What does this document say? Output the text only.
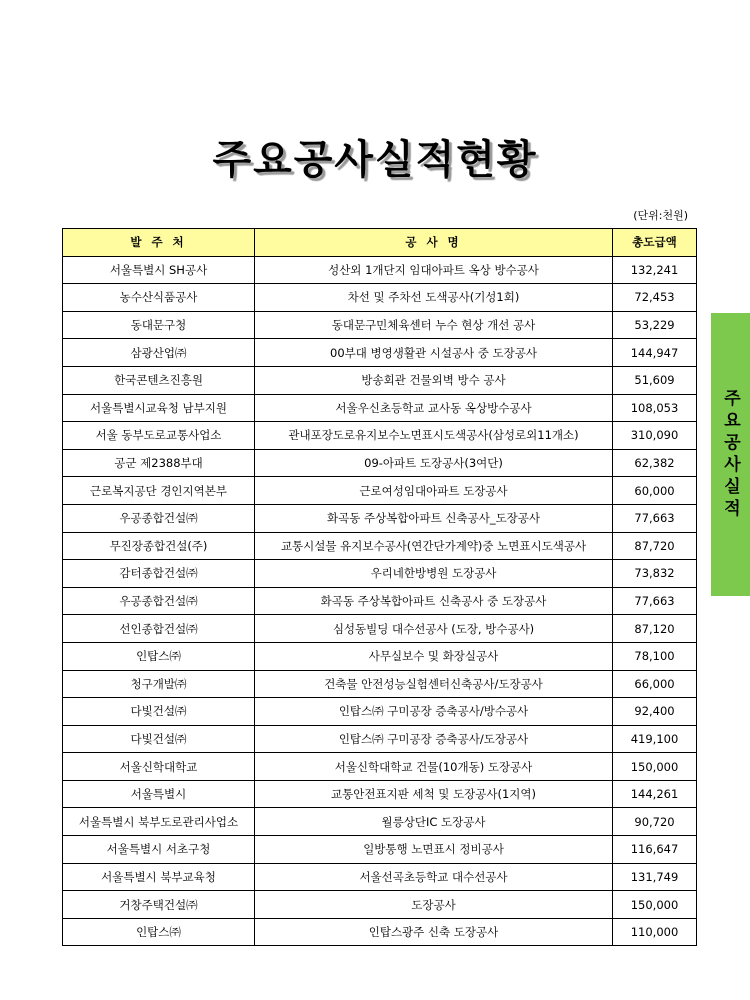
주요공사실적현황
(단위:천원)
발 주 처	공 사 명	총도급액
서울특별시 SH공사	성산외 1개단지 임대아파트 옥상 방수공사	132,241
농수산식품공사	차선 및 주차선 도색공사(기성1회)	72,453
동대문구청	동대문구민체육센터 누수 현상 개선 공사	53,229
삼광산업㈜	00부대 병영생활관 시설공사 중 도장공사	144,947
한국콘텐츠진흥원	방송회관 건물외벽 방수 공사	51,609
서울특별시교육청 남부지원	서울우신초등학교 교사동 옥상방수공사	108,053
서울 동부도로교통사업소	관내포장도로유지보수노면표시도색공사(삼성로외11개소)	310,090
공군 제2388부대	09-아파트 도장공사(3여단)	62,382
근로복지공단 경인지역본부	근로여성임대아파트 도장공사	60,000
우공종합건설㈜	화곡동 주상복합아파트 신축공사_도장공사	77,663
무진장종합건설(주)	교통시설물 유지보수공사(연간단가계약)중 노면표시도색공사	87,720
감터종합건설㈜	우리네한방병원 도장공사	73,832
우공종합건설㈜	화곡동 주상복합아파트 신축공사 중 도장공사	77,663
선인종합건설㈜	심성동빌딩 대수선공사 (도장, 방수공사)	87,120
인탑스㈜	사무실보수 및 화장실공사	78,100
청구개발㈜	건축물 안전성능실험센터신축공사/도장공사	66,000
다빛건설㈜	인탑스㈜ 구미공장 증축공사/방수공사	92,400
다빛건설㈜	인탑스㈜ 구미공장 증축공사/도장공사	419,100
서울신학대학교	서울신학대학교 건물(10개동) 도장공사	150,000
서울특별시	교통안전표지판 세척 및 도장공사(1지역)	144,261
서울특별시 북부도로관리사업소	월릉상단IC 도장공사	90,720
서울특별시 서초구청	일방통행 노면표시 정비공사	116,647
서울특별시 북부교육청	서울선곡초등학교 대수선공사	131,749
거창주택건설㈜	도장공사	150,000
인탑스㈜	인탑스광주 신축 도장공사	110,000
주요공사실적
